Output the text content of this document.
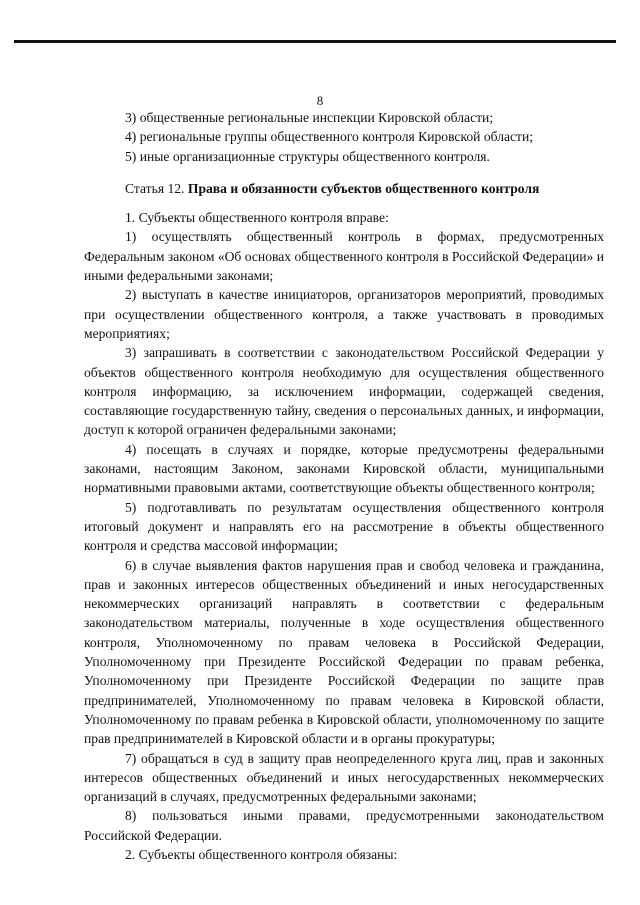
8

3) общественные региональные инспекции Кировской области;

4) региональные группы общественного контроля Кировской области;

5) иные организационные структуры общественного контроля.

Статья 12. Права и обязанности субъектов общественного контроля

1. Субъекты общественного контроля вправе:

1) осуществлять общественный контроль в формах, предусмотренных Федеральным законом «Об основах общественного контроля в Российской Федерации» и иными федеральными законами;

2) выступать в качестве инициаторов, организаторов мероприятий, проводимых при осуществлении общественного контроля, а также участвовать в проводимых мероприятиях;

3) запрашивать в соответствии с законодательством Российской Федерации у объектов общественного контроля необходимую для осуществления общественного контроля информацию, за исключением информации, содержащей сведения, составляющие государственную тайну, сведения о персональных данных, и информации, доступ к которой ограничен федеральными законами;

4) посещать в случаях и порядке, которые предусмотрены федеральными законами, настоящим Законом, законами Кировской области, муниципальными нормативными правовыми актами, соответствующие объекты общественного контроля;

5) подготавливать по результатам осуществления общественного контроля итоговый документ и направлять его на рассмотрение в объекты общественного контроля и средства массовой информации;

6) в случае выявления фактов нарушения прав и свобод человека и гражданина, прав и законных интересов общественных объединений и иных негосударственных некоммерческих организаций направлять в соответствии с федеральным законодательством материалы, полученные в ходе осуществления общественного контроля, Уполномоченному по правам человека в Российской Федерации, Уполномоченному при Президенте Российской Федерации по правам ребенка, Уполномоченному при Президенте Российской Федерации по защите прав предпринимателей, Уполномоченному по правам человека в Кировской области, Уполномоченному по правам ребенка в Кировской области, уполномоченному по защите прав предпринимателей в Кировской области и в органы прокуратуры;

7) обращаться в суд в защиту прав неопределенного круга лиц, прав и законных интересов общественных объединений и иных негосударственных некоммерческих организаций в случаях, предусмотренных федеральными законами;

8) пользоваться иными правами, предусмотренными законодательством Российской Федерации.

2. Субъекты общественного контроля обязаны:
